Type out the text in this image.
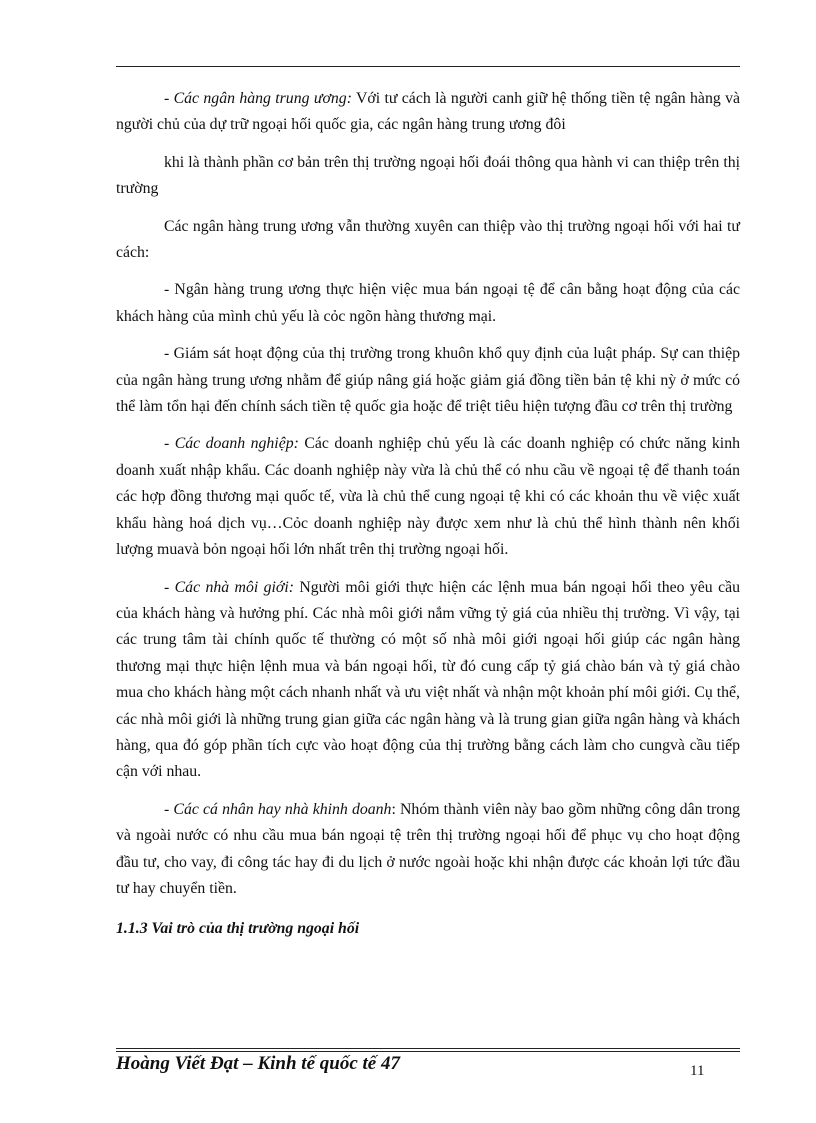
- Các ngân hàng trung ương: Với tư cách là người canh giữ hệ thống tiền tệ ngân hàng và người chủ của dự trữ ngoại hối quốc gia, các ngân hàng trung ương đôi

khi là thành phần cơ bản trên thị trường ngoại hối đoái thông qua hành vi can thiệp trên thị trường

Các ngân hàng trung ương vẫn thường xuyên can thiệp vào thị trường ngoại hối với hai tư cách:

- Ngân hàng trung ương thực hiện việc mua bán ngoại tệ để cân bằng hoạt động của các khách hàng của mình chủ yếu là cỏc ngõn hàng thương mại.

- Giám sát hoạt động của thị trường trong khuôn khổ quy định của luật pháp. Sự can thiệp của ngân hàng trung ương nhằm để giúp nâng giá hoặc giảm giá đồng tiền bản tệ khi nỳ ở mức có thể làm tổn hại đến chính sách tiền tệ quốc gia hoặc để triệt tiêu hiện tượng đầu cơ trên thị trường

- Các doanh nghiệp: Các doanh nghiệp chủ yếu là các doanh nghiệp có chức năng kinh doanh xuất nhập khẩu. Các doanh nghiệp này vừa là chủ thể có nhu cầu về ngoại tệ để thanh toán các hợp đồng thương mại quốc tế, vừa là chủ thể cung ngoại tệ khi có các khoản thu về việc xuất khẩu hàng hoá dịch vụ…Cỏc doanh nghiệp này được xem như là chủ thể hình thành nên khối lượng muavà bỏn ngoại hối lớn nhất trên thị trường ngoại hối.

- Các nhà môi giới: Người môi giới thực hiện các lệnh mua bán ngoại hối theo yêu cầu của khách hàng và hưởng phí. Các nhà môi giới nắm vững tỷ giá của nhiều thị trường. Vì vậy, tại các trung tâm tài chính quốc tế thường có một số nhà môi giới ngoại hối giúp các ngân hàng thương mại thực hiện lệnh mua và bán ngoại hối, từ đó cung cấp tỷ giá chào bán và tỷ giá chào mua cho khách hàng một cách nhanh nhất và ưu việt nhất và nhận một khoản phí môi giới. Cụ thể, các nhà môi giới là những trung gian giữa các ngân hàng và là trung gian giữa ngân hàng và khách hàng, qua đó góp phần tích cực vào hoạt động của thị trường bằng cách làm cho cungvà cầu tiếp cận với nhau.

- Các cá nhân hay nhà khinh doanh: Nhóm thành viên này bao gồm những công dân trong và ngoài nước có nhu cầu mua bán ngoại tệ trên thị trường ngoại hối để phục vụ cho hoạt động đầu tư, cho vay, đi công tác hay đi du lịch ở nước ngoài hoặc khi nhận được các khoản lợi tức đầu tư hay chuyển tiền.

1.1.3 Vai trò của thị trường ngoại hối

Hoàng Viết Đạt – Kinh tế quốc tế 47	11
